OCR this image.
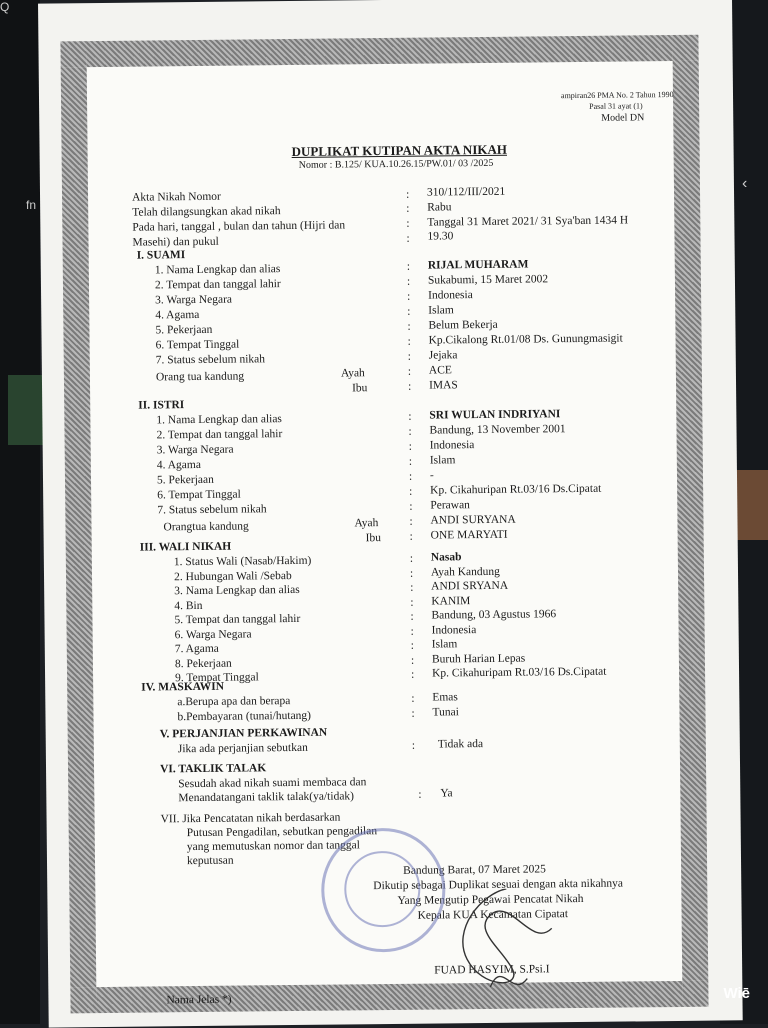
Q
fn
‹
ampiran26 PMA No. 2 Tahun 1990
Pasal 31 ayat (1)
Model DN
DUPLIKAT KUTIPAN AKTA NIKAH
Nomor : B.125/ KUA.10.26.15/PW.01/ 03 /2025
Akta Nikah Nomor	: 310/112/III/2021
Telah dilangsungkan akad nikah	: Rabu
Pada hari, tanggal , bulan dan tahun (Hijri dan	: Tanggal 31 Maret 2021/ 31 Sya'ban 1434 H
Masehi) dan pukul	: 19.30
Bandung Barat, 07 Maret 2025
Dikutip sebagai Duplikat sesuai dengan akta nikahnya
Yang Mengutip Pegawai Pencatat Nikah
Kepala KUA Kecamatan Cipatat
FUAD HASYIM, S.Psi.I
Nama Jelas *)
I. SUAMI
1. Nama Lengkap dan alias	: RIJAL MUHARAM
2. Tempat dan tanggal lahir	: Sukabumi, 15 Maret 2002
3. Warga Negara	: Indonesia
4. Agama	: Islam
5. Pekerjaan	: Belum Bekerja
6. Tempat Tinggal	: Kp.Cikalong Rt.01/08 Ds. Gunungmasigit
7. Status sebelum nikah	: Jejaka
Orang tua kandung	Ayah	: ACE
Ibu	: IMAS
II. ISTRI
1. Nama Lengkap dan alias	: SRI WULAN INDRIYANI
2. Tempat dan tanggal lahir	: Bandung, 13 November 2001
3. Warga Negara	: Indonesia
4. Agama	: Islam
5. Pekerjaan	: -
6. Tempat Tinggal	: Kp. Cikahuripan Rt.03/16 Ds.Cipatat
7. Status sebelum nikah	: Perawan
Orangtua kandung	Ayah	: ANDI SURYANA
Ibu : ONE MARYATI
III. WALI NIKAH
1. Status Wali (Nasab/Hakim)	: Nasab
2. Hubungan Wali /Sebab	: Ayah Kandung
3. Nama Lengkap dan alias	: ANDI SRYANA
4. Bin	: KANIM
5. Tempat dan tanggal lahir	: Bandung, 03 Agustus 1966
6. Warga Negara	: Indonesia
7. Agama	: Islam
8. Pekerjaan	: Buruh Harian Lepas
9. Tempat Tinggal	: Kp. Cikahuripam Rt.03/16 Ds.Cipatat
IV. MASKAWIN
a.Berupa apa dan berapa	: Emas
b.Pembayaran (tunai/hutang)	: Tunai
V. PERJANJIAN PERKAWINAN
Jika ada perjanjian sebutkan	: Tidak ada
VI. TAKLIK TALAK
Sesudah akad nikah suami membaca dan
Menandatangani taklik talak(ya/tidak)	: Ya
VII. Jika Pencatatan nikah berdasarkan
Putusan Pengadilan, sebutkan pengadilan
yang memutuskan nomor dan tanggal
keputusan
Wiē
